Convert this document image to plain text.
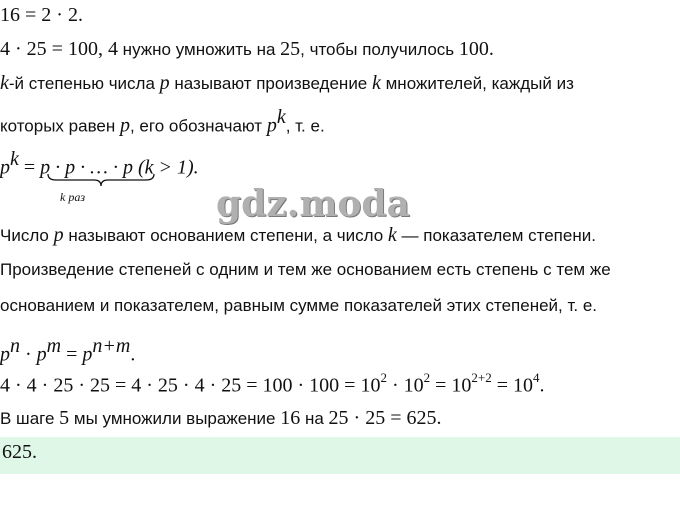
16 = 2 · 2.
4 · 25 = 100, 4 нужно умножить на 25, чтобы получилось 100.
k-й степенью числа p называют произведение k множителей, каждый из
которых равен p, его обозначают $p^k$, т. е.
$p^k = p \cdot p$ · … · p (k > 1).
k раз	gdz.moda
Число p называют основанием степени, а число k — показателем степени.
Произведение степеней с одним и тем же основанием есть степень с тем же
основанием и показателем, равным сумме показателей этих степеней, т. е.
$p^n \cdot p^m = p^{n+m}$.
$4 \cdot 4 \cdot 25 \cdot 25 = 4 \cdot 25 \cdot 4 \cdot 25 = 100 \cdot 100 = 10^2 \cdot 10^2 = 10^{2+2} = 10^4$.
В шаге 5 мы умножили выражение 16 на 25 · 25 = 625.
625.
